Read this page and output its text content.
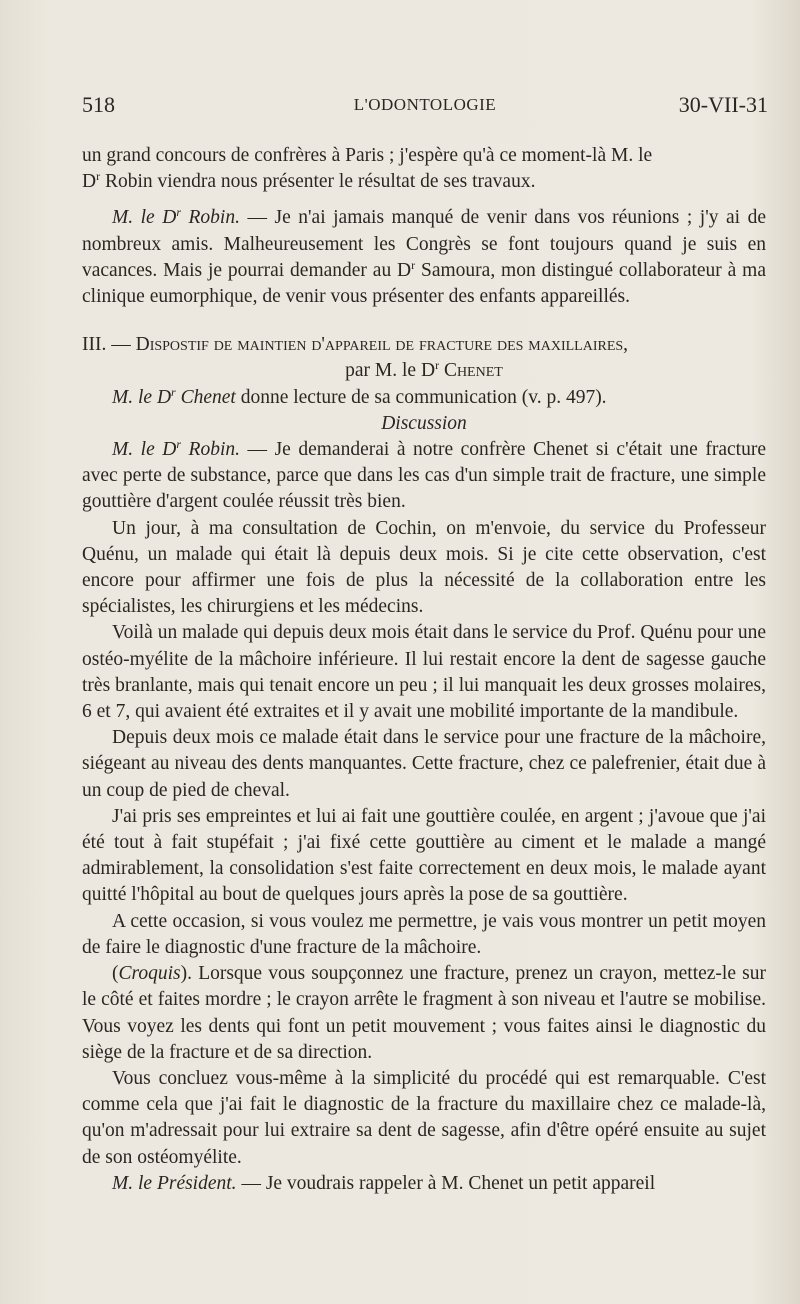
518	L'ODONTOLOGIE	30-VII-31

un grand concours de confrères à Paris ; j'espère qu'à ce moment-là M. le
$D^r$ Robin viendra nous présenter le résultat de ses travaux.

M. le $D^r$ Robin. — Je n'ai jamais manqué de venir dans vos réunions ; j'y ai de nombreux amis. Malheureusement les Congrès se font toujours quand je suis en vacances. Mais je pourrai demander au $D^r$ Samoura, mon distingué collaborateur à ma clinique eumorphique, de venir vous présenter des enfants appareillés.

III. — Dispostif de maintien d'appareil de fracture des maxillaires,

par M. le $D^r$ Chenet

M. le $D^r$ Chenet donne lecture de sa communication (v. p. 497).

Discussion

M. le $D^r$ Robin. — Je demanderai à notre confrère Chenet si c'était une fracture avec perte de substance, parce que dans les cas d'un simple trait de fracture, une simple gouttière d'argent coulée réussit très bien.

Un jour, à ma consultation de Cochin, on m'envoie, du service du Professeur Quénu, un malade qui était là depuis deux mois. Si je cite cette observation, c'est encore pour affirmer une fois de plus la nécessité de la collaboration entre les spécialistes, les chirurgiens et les médecins.

Voilà un malade qui depuis deux mois était dans le service du Prof. Quénu pour une ostéo-myélite de la mâchoire inférieure. Il lui restait encore la dent de sagesse gauche très branlante, mais qui tenait encore un peu ; il lui manquait les deux grosses molaires, 6 et 7, qui avaient été extraites et il y avait une mobilité importante de la mandibule.

Depuis deux mois ce malade était dans le service pour une fracture de la mâchoire, siégeant au niveau des dents manquantes. Cette fracture, chez ce palefrenier, était due à un coup de pied de cheval.

J'ai pris ses empreintes et lui ai fait une gouttière coulée, en argent ; j'avoue que j'ai été tout à fait stupéfait ; j'ai fixé cette gouttière au ciment et le malade a mangé admirablement, la consolidation s'est faite correctement en deux mois, le malade ayant quitté l'hôpital au bout de quelques jours après la pose de sa gouttière.

A cette occasion, si vous voulez me permettre, je vais vous montrer un petit moyen de faire le diagnostic d'une fracture de la mâchoire.

(Croquis). Lorsque vous soupçonnez une fracture, prenez un crayon, mettez-le sur le côté et faites mordre ; le crayon arrête le fragment à son niveau et l'autre se mobilise. Vous voyez les dents qui font un petit mouvement ; vous faites ainsi le diagnostic du siège de la fracture et de sa direction.

Vous concluez vous-même à la simplicité du procédé qui est remarquable. C'est comme cela que j'ai fait le diagnostic de la fracture du maxillaire chez ce malade-là, qu'on m'adressait pour lui extraire sa dent de sagesse, afin d'être opéré ensuite au sujet de son ostéomyélite.

M. le Président. — Je voudrais rappeler à M. Chenet un petit appareil
